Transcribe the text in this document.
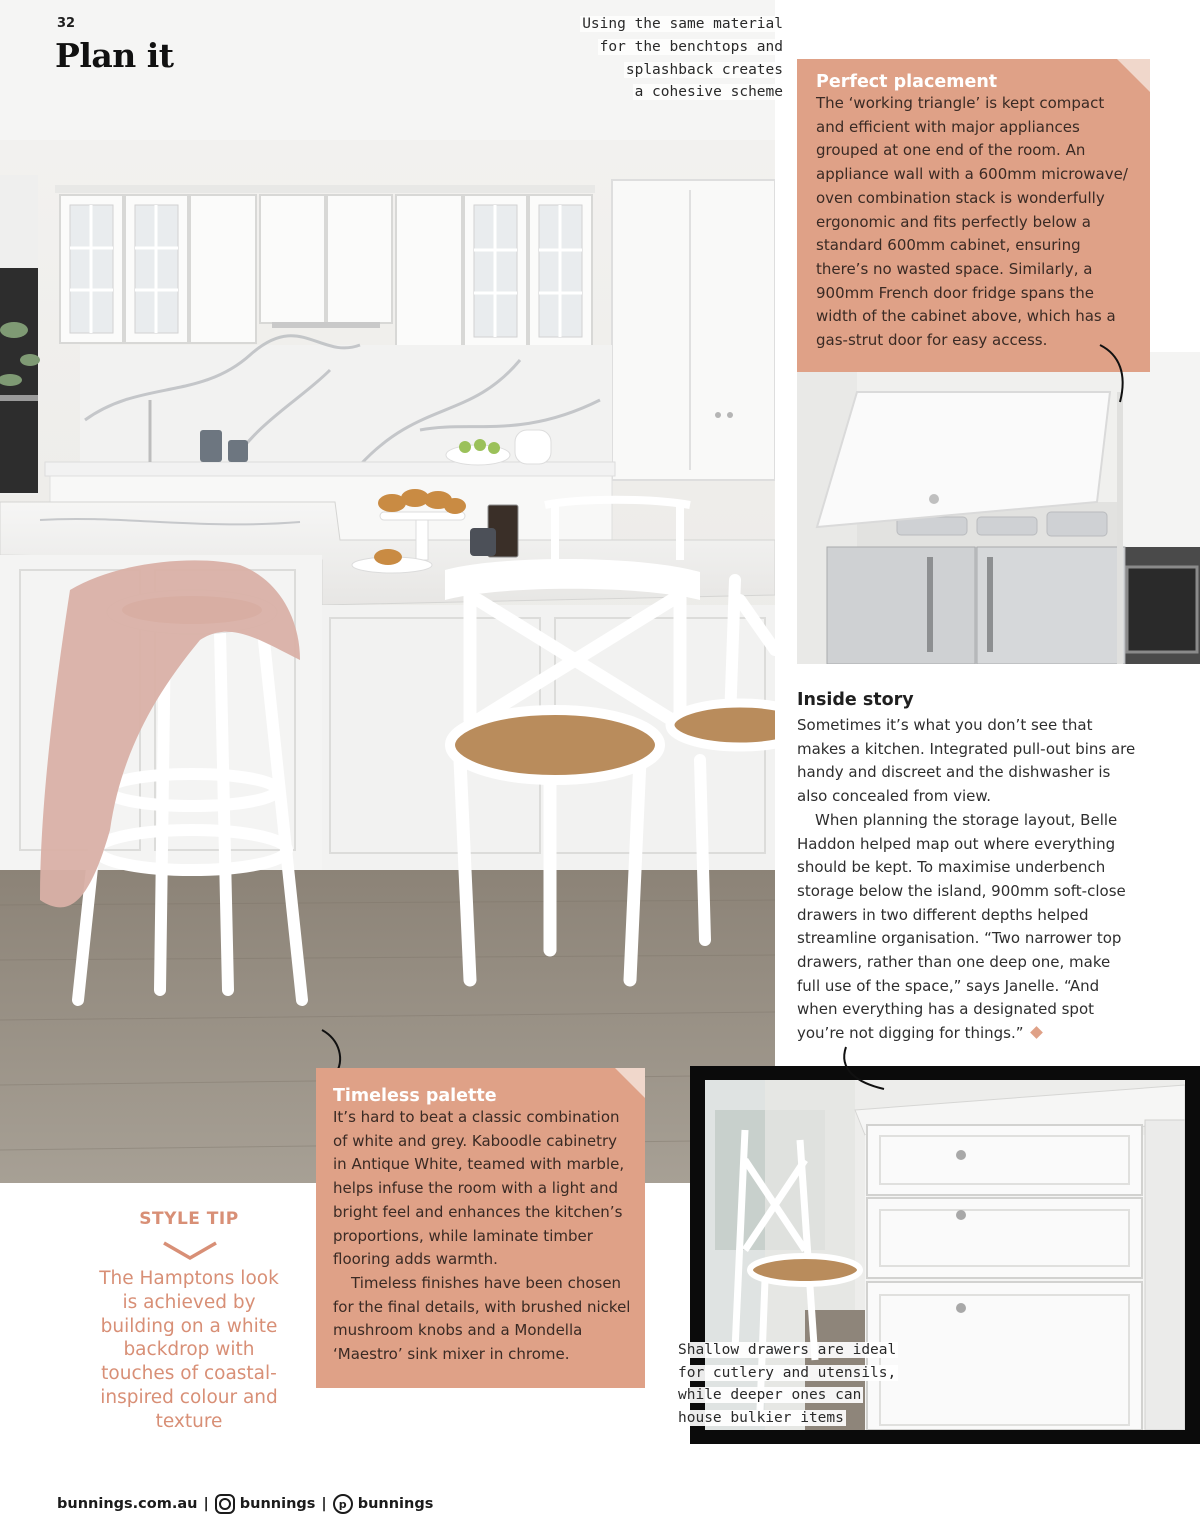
32
Plan it
Using the same material
for the benchtops and
splashback creates
a cohesive scheme
Perfect placement

The ‘working triangle’ is kept compact and efficient with major appliances grouped at one end of the room. An appliance wall with a 600mm microwave/ oven combination stack is wonderfully ergonomic and fits perfectly below a standard 600mm cabinet, ensuring there’s no wasted space. Similarly, a 900mm French door fridge spans the width of the cabinet above, which has a gas-strut door for easy access.

Inside story

Sometimes it’s what you don’t see that makes a kitchen. Integrated pull-out bins are handy and discreet and the dishwasher is also concealed from view.

When planning the storage layout, Belle Haddon helped map out where everything should be kept. To maximise underbench storage below the island, 900mm soft-close drawers in two different depths helped streamline organisation. “Two narrower top drawers, rather than one deep one, make full use of the space,” says Janelle. “And when everything has a designated spot you’re not digging for things.”

Shallow drawers are ideal
for cutlery and utensils,
while deeper ones can
house bulkier items
Timeless palette

It’s hard to beat a classic combination of white and grey. Kaboodle cabinetry in Antique White, teamed with marble, helps infuse the room with a light and bright feel and enhances the kitchen’s proportions, while laminate timber flooring adds warmth.

Timeless finishes have been chosen for the final details, with brushed nickel mushroom knobs and a Mondella ‘Maestro’ sink mixer in chrome.

STYLE TIP
The Hamptons look is achieved by building on a white backdrop with touches of coastal-inspired colour and texture
bunnings.com.au | bunnings |	p bunnings
